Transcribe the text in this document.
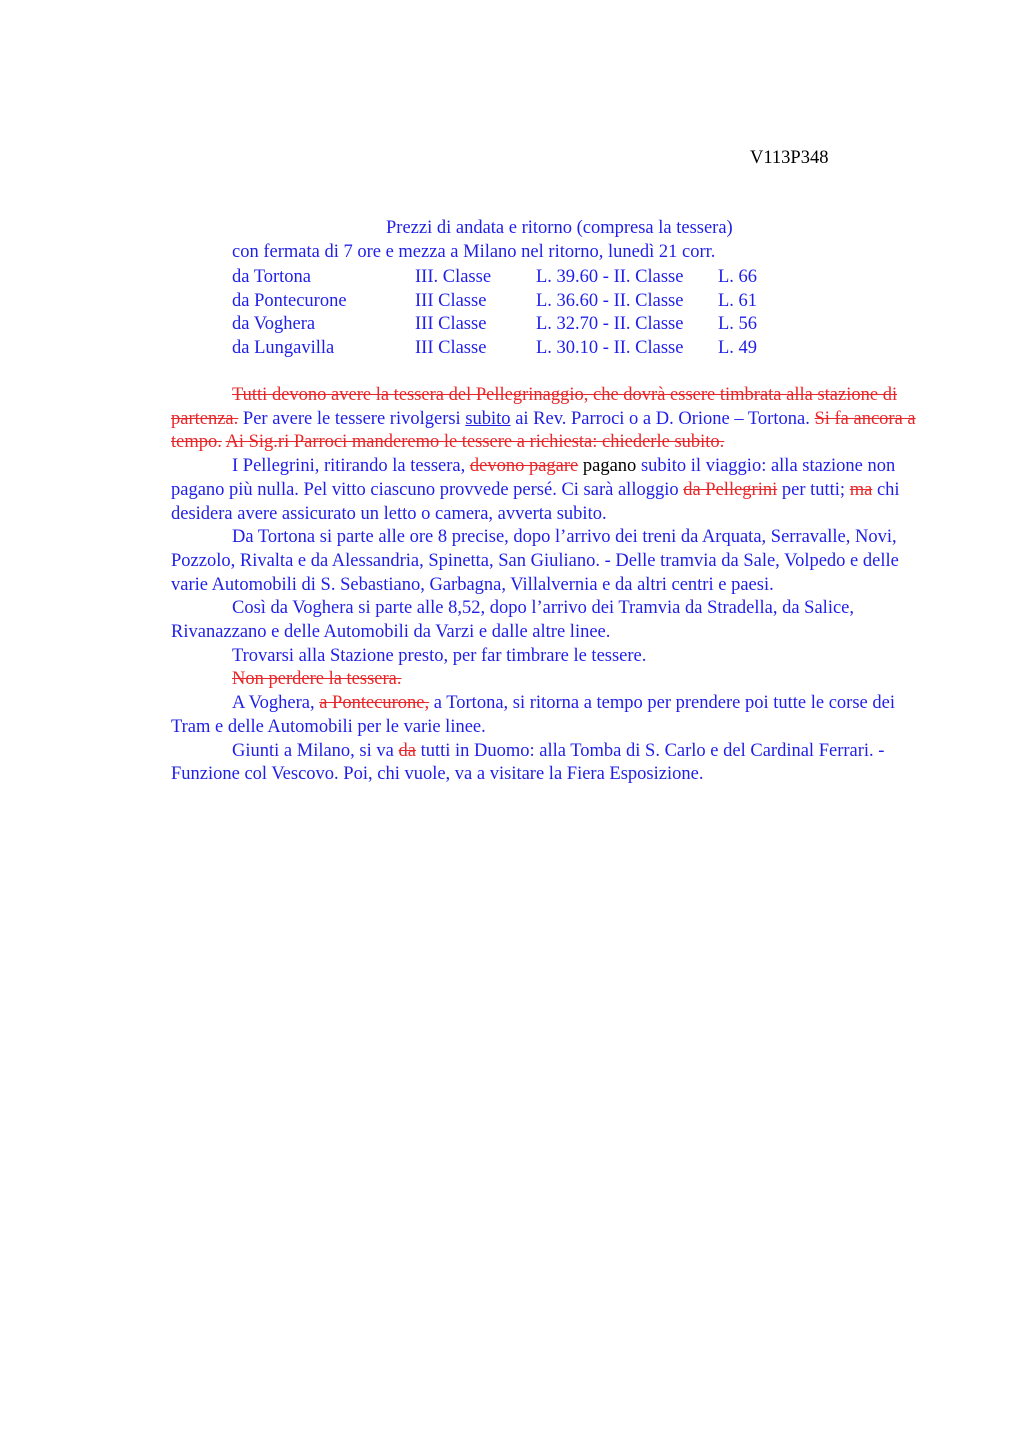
V113P348
Prezzi di andata e ritorno (compresa la tessera)
con fermata di 7 ore e mezza a Milano nel ritorno, lunedì 21 corr.
da Tortona	III. Classe	L. 39.60 - II. Classe	L. 66
da Pontecurone	III Classe	L. 36.60 - II. Classe	L. 61
da Voghera	III Classe	L. 32.70 - II. Classe	L. 56
da Lungavilla	III Classe	L. 30.10 - II. Classe	L. 49

Tutti devono avere la tessera del Pellegrinaggio, che dovrà essere timbrata alla stazione di partenza. Per avere le tessere rivolgersi subito ai Rev. Parroci o a D. Orione – Tortona. Si fa ancora a tempo. Ai Sig.ri Parroci manderemo le tessere a richiesta: chiederle subito.

I Pellegrini, ritirando la tessera, devono pagare pagano subito il viaggio: alla stazione non pagano più nulla. Pel vitto ciascuno provvede persé. Ci sarà alloggio da Pellegrini per tutti; ma chi desidera avere assicurato un letto o camera, avverta subito.

Da Tortona si parte alle ore 8 precise, dopo l’arrivo dei treni da Arquata, Serravalle, Novi, Pozzolo, Rivalta e da Alessandria, Spinetta, San Giuliano. - Delle tramvia da Sale, Volpedo e delle varie Automobili di S. Sebastiano, Garbagna, Villalvernia e da altri centri e paesi.

Così da Voghera si parte alle 8,52, dopo l’arrivo dei Tramvia da Stradella, da Salice, Rivanazzano e delle Automobili da Varzi e dalle altre linee.

Trovarsi alla Stazione presto, per far timbrare le tessere.

Non perdere la tessera.

A Voghera, a Pontecurone, a Tortona, si ritorna a tempo per prendere poi tutte le corse dei Tram e delle Automobili per le varie linee.

Giunti a Milano, si va da tutti in Duomo: alla Tomba di S. Carlo e del Cardinal Ferrari. - Funzione col Vescovo. Poi, chi vuole, va a visitare la Fiera Esposizione.
